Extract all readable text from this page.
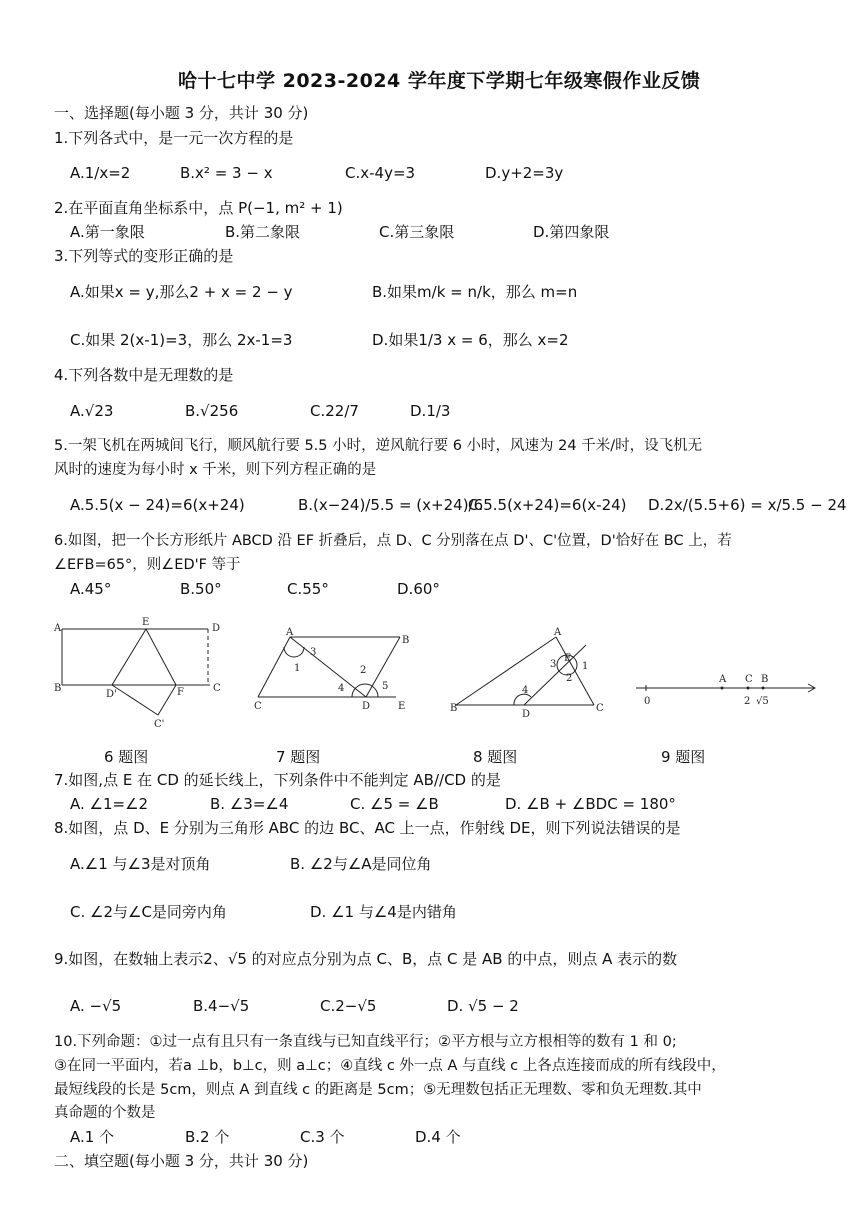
哈十七中学 2023-2024 学年度下学期七年级寒假作业反馈
一、选择题(每小题 3 分，共计 30 分)
1.下列各式中，是一元一次方程的是
A.1/x=2	B.x² = 3 − x	C.x-4y=3	D.y+2=3y
2.在平面直角坐标系中，点 P(−1, m² + 1)
A.第一象限	B.第二象限	C.第三象限	D.第四象限
3.下列等式的变形正确的是
A.如果x = y,那么2 + x = 2 − y	B.如果m/k = n/k，那么 m=n
C.如果 2(x-1)=3，那么 2x-1=3	D.如果1/3 x = 6，那么 x=2
4.下列各数中是无理数的是
A.√23	B.√256	C.22/7	D.1/3
5.一架飞机在两城间飞行，顺风航行要 5.5 小时，逆风航行要 6 小时，风速为 24 千米/时，设飞机无
风时的速度为每小时 x 千米，则下列方程正确的是
A.5.5(x − 24)=6(x+24)	B.(x−24)/5.5 = (x+24)/6
C.5.5(x+24)=6(x-24) D.2x/(5.5+6) = x/5.5 − 24
6.如图，把一个长方形纸片 ABCD 沿 EF 折叠后，点 D、C 分别落在点 D'、C'位置，D'恰好在 BC 上，若
∠EFB=65°，则∠ED'F 等于
A.45°	B.50°	C.55°	D.60°
A
E
D
B
D'	F	C
C'
A
B
C	D	E
1	2
3
4	5
A
B	C
D
E
1
2
3
4
0
A C B
2 √5
6 题图	7 题图	8 题图	9 题图
7.如图,点 E 在 CD 的延长线上，下列条件中不能判定 AB//CD 的是
A. ∠1=∠2	B. ∠3=∠4	C. ∠5 = ∠B	D. ∠B + ∠BDC = 180°
8.如图，点 D、E 分别为三角形 ABC 的边 BC、AC 上一点，作射线 DE，则下列说法错误的是
A.∠1 与∠3是对顶角	B. ∠2与∠A是同位角
C. ∠2与∠C是同旁内角	D. ∠1 与∠4是内错角
9.如图，在数轴上表示2、√5 的对应点分别为点 C、B，点 C 是 AB 的中点，则点 A 表示的数
A. −√5	B.4−√5	C.2−√5	D. √5 − 2
10.下列命题：①过一点有且只有一条直线与已知直线平行；②平方根与立方根相等的数有 1 和 0;
③在同一平面内，若a ⊥b，b⊥c，则 a⊥c；④直线 c 外一点 A 与直线 c 上各点连接而成的所有线段中，
最短线段的长是 5cm，则点 A 到直线 c 的距离是 5cm；⑤无理数包括正无理数、零和负无理数.其中
真命题的个数是
A.1 个	B.2 个	C.3 个	D.4 个
二、填空题(每小题 3 分，共计 30 分)
